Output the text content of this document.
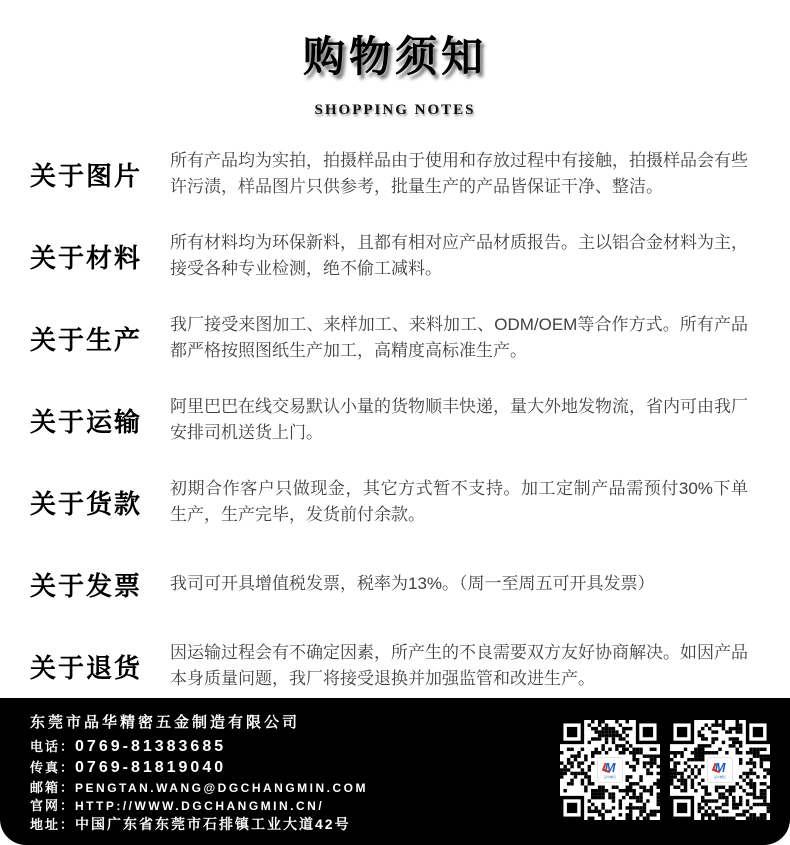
购物须知
SHOPPING NOTES
关于图片	所有产品均为实拍，拍摄样品由于使用和存放过程中有接触，拍摄样品会有些许污渍，样品图片只供参考，批量生产的产品皆保证干净、整洁。
关于材料	所有材料均为环保新料，且都有相对应产品材质报告。主以铝合金材料为主，接受各种专业检测，绝不偷工减料。
关于生产	我厂接受来图加工、来样加工、来料加工、ODM/OEM等合作方式。所有产品都严格按照图纸生产加工，高精度高标准生产。
关于运输	阿里巴巴在线交易默认小量的货物顺丰快递，量大外地发物流，省内可由我厂安排司机送货上门。
关于货款	初期合作客户只做现金，其它方式暂不支持。加工定制产品需预付30%下单生产，生产完毕，发货前付余款。
关于发票	我司可开具增值税发票，税率为13%。（周一至周五可开具发票）
关于退货	因运输过程会有不确定因素，所产生的不良需要双方友好协商解决。如因产品本身质量问题，我厂将接受退换并加强监管和改进生产。
东莞市品华精密五金制造有限公司
电话： 0769-81383685
传真： 0769-81819040
邮箱： PENGTAN.WANG@DGCHANGMIN.COM
官网： HTTP://WWW.DGCHANGMIN.CN/
地址： 中国广东省东莞市石排镇工业大道42号
M
品华精密
M
品华精密
